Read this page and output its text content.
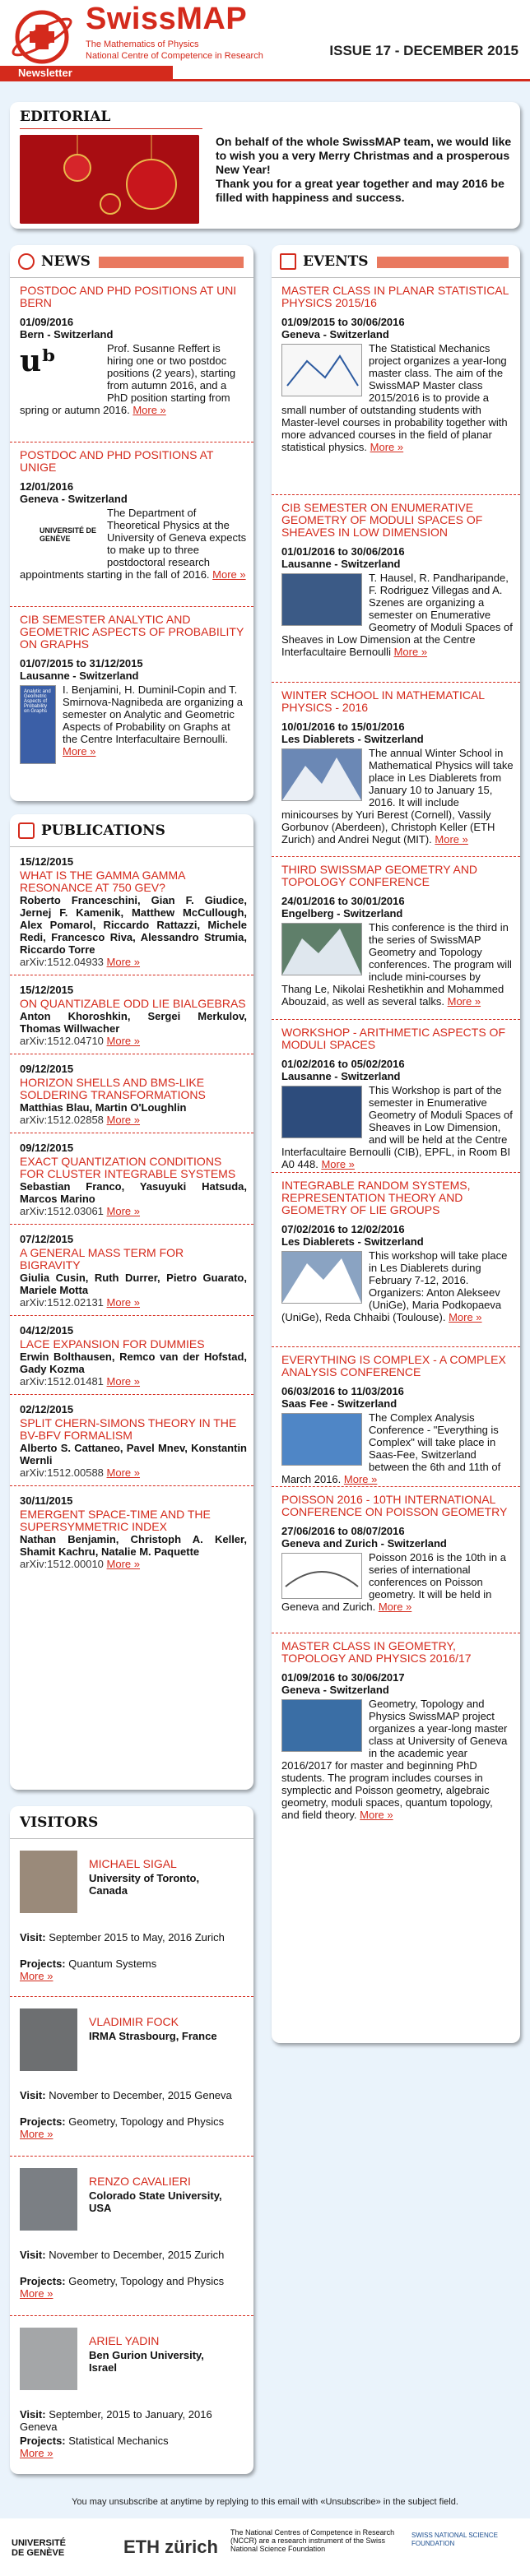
SwissMAP
The Mathematics of Physics
National Centre of Competence in Research	ISSUE 17 - DECEMBER 2015
Newsletter
EDITORIAL
On behalf of the whole SwissMAP team, we would like to wish you a very Merry Christmas and a prosperous New Year!
Thank you for a great year together and may 2016 be filled with happiness and success.
NEWS
POSTDOC AND PHD POSITIONS AT UNI BERN
01/09/2016
Bern - Switzerland
uᵇ	Prof. Susanne Reffert is hiring one or two postdoc positions (2 years), starting from autumn 2016, and a PhD position starting from spring or autumn 2016. More »
POSTDOC AND PHD POSITIONS AT UNIGE
12/01/2016
Geneva - Switzerland
UNIVERSITÉ DE GENÈVE
The Department of Theoretical Physics at the University of Geneva expects to make up to three postdoctoral research appointments starting in the fall of 2016. More »
CIB SEMESTER ANALYTIC AND GEOMETRIC ASPECTS OF PROBABILITY ON GRAPHS
01/07/2015 to 31/12/2015
Lausanne - Switzerland
Analytic and Geometric Aspects of Probability on Graphs
I. Benjamini, H. Duminil-Copin and T. Smirnova-Nagnibeda are organizing a semester on Analytic and Geometric Aspects of Probability on Graphs at the Centre Interfacultaire Bernoulli. More »
PUBLICATIONS
15/12/2015
WHAT IS THE GAMMA GAMMA RESONANCE AT 750 GEV?
Roberto Franceschini, Gian F. Giudice, Jernej F. Kamenik, Matthew McCullough, Alex Pomarol, Riccardo Rattazzi, Michele Redi, Francesco Riva, Alessandro Strumia, Riccardo Torre
arXiv:1512.04933 More »
15/12/2015
ON QUANTIZABLE ODD LIE BIALGEBRAS
Anton Khoroshkin, Sergei Merkulov, Thomas Willwacher
arXiv:1512.04710 More »
09/12/2015
HORIZON SHELLS AND BMS-LIKE SOLDERING TRANSFORMATIONS
Matthias Blau, Martin O'Loughlin
arXiv:1512.02858 More »
09/12/2015
EXACT QUANTIZATION CONDITIONS FOR CLUSTER INTEGRABLE SYSTEMS
Sebastian Franco, Yasuyuki Hatsuda, Marcos Marino
arXiv:1512.03061 More »
07/12/2015
A GENERAL MASS TERM FOR BIGRAVITY
Giulia Cusin, Ruth Durrer, Pietro Guarato, Mariele Motta
arXiv:1512.02131 More »
04/12/2015
LACE EXPANSION FOR DUMMIES
Erwin Bolthausen, Remco van der Hofstad, Gady Kozma
arXiv:1512.01481 More »
02/12/2015
SPLIT CHERN-SIMONS THEORY IN THE BV-BFV FORMALISM
Alberto S. Cattaneo, Pavel Mnev, Konstantin Wernli
arXiv:1512.00588 More »
30/11/2015
EMERGENT SPACE-TIME AND THE SUPERSYMMETRIC INDEX
Nathan Benjamin, Christoph A. Keller, Shamit Kachru, Natalie M. Paquette
arXiv:1512.00010 More »
VISITORS
MICHAEL SIGAL
University of Toronto, Canada
Visit: September 2015 to May, 2016 Zurich
Projects: Quantum Systems
More »
VLADIMIR FOCK
IRMA Strasbourg, France
Visit: November to December, 2015 Geneva
Projects: Geometry, Topology and Physics
More »
RENZO CAVALIERI
Colorado State University, USA
Visit: November to December, 2015 Zurich
Projects: Geometry, Topology and Physics
More »
ARIEL YADIN
Ben Gurion University, Israel
Visit: September, 2015 to January, 2016 Geneva
Projects: Statistical Mechanics
More »
EVENTS
MASTER CLASS IN PLANAR STATISTICAL PHYSICS 2015/16
01/09/2015 to 30/06/2016
Geneva - Switzerland
The Statistical Mechanics project organizes a year-long master class. The aim of the SwissMAP Master class 2015/2016 is to provide a small number of outstanding students with Master-level courses in probability together with more advanced courses in the field of planar statistical physics. More »
CIB SEMESTER ON ENUMERATIVE GEOMETRY OF MODULI SPACES OF SHEAVES IN LOW DIMENSION
01/01/2016 to 30/06/2016
Lausanne - Switzerland
T. Hausel, R. Pandharipande, F. Rodriguez Villegas and A. Szenes are organizing a semester on Enumerative Geometry of Moduli Spaces of Sheaves in Low Dimension at the Centre Interfacultaire Bernoulli More »
WINTER SCHOOL IN MATHEMATICAL PHYSICS - 2016
10/01/2016 to 15/01/2016
Les Diablerets - Switzerland
The annual Winter School in Mathematical Physics will take place in Les Diablerets from January 10 to January 15, 2016. It will include minicourses by Yuri Berest (Cornell), Vassily Gorbunov (Aberdeen), Christoph Keller (ETH Zurich) and Andrei Negut (MIT). More »
THIRD SWISSMAP GEOMETRY AND TOPOLOGY CONFERENCE
24/01/2016 to 30/01/2016
Engelberg - Switzerland
This conference is the third in the series of SwissMAP Geometry and Topology conferences. The program will include mini-courses by Thang Le, Nikolai Reshetikhin and Mohammed Abouzaid, as well as several talks. More »
WORKSHOP - ARITHMETIC ASPECTS OF MODULI SPACES
01/02/2016 to 05/02/2016
Lausanne - Switzerland
This Workshop is part of the semester in Enumerative Geometry of Moduli Spaces of Sheaves in Low Dimension, and will be held at the Centre Interfacultaire Bernoulli (CIB), EPFL, in Room BI A0 448. More »
INTEGRABLE RANDOM SYSTEMS, REPRESENTATION THEORY AND GEOMETRY OF LIE GROUPS
07/02/2016 to 12/02/2016
Les Diablerets - Switzerland
This workshop will take place in Les Diablerets during February 7-12, 2016. Organizers: Anton Alekseev (UniGe), Maria Podkopaeva (UniGe), Reda Chhaibi (Toulouse). More »
EVERYTHING IS COMPLEX - A COMPLEX ANALYSIS CONFERENCE
06/03/2016 to 11/03/2016
Saas Fee - Switzerland
The Complex Analysis Conference - "Everything is Complex" will take place in Saas-Fee, Switzerland between the 6th and 11th of March 2016. More »
POISSON 2016 - 10TH INTERNATIONAL CONFERENCE ON POISSON GEOMETRY
27/06/2016 to 08/07/2016
Geneva and Zurich - Switzerland
Poisson 2016 is the 10th in a series of international conferences on Poisson geometry. It will be held in Geneva and Zurich. More »
MASTER CLASS IN GEOMETRY, TOPOLOGY AND PHYSICS 2016/17
01/09/2016 to 30/06/2017
Geneva - Switzerland
Geometry, Topology and Physics SwissMAP project organizes a year-long master class at University of Geneva in the academic year 2016/2017 for master and beginning PhD students. The program includes courses in symplectic and Poisson geometry, algebraic geometry, moduli spaces, quantum topology, and field theory. More »
You may unsubscribe at anytime by replying to this email with «Unsubscribe» in the subject field.
UNIVERSITÉ DE GENÈVE	ETH zürich
The National Centres of Competence in Research (NCCR) are a research instrument of the Swiss National Science Foundation
SWISS NATIONAL SCIENCE FOUNDATION
